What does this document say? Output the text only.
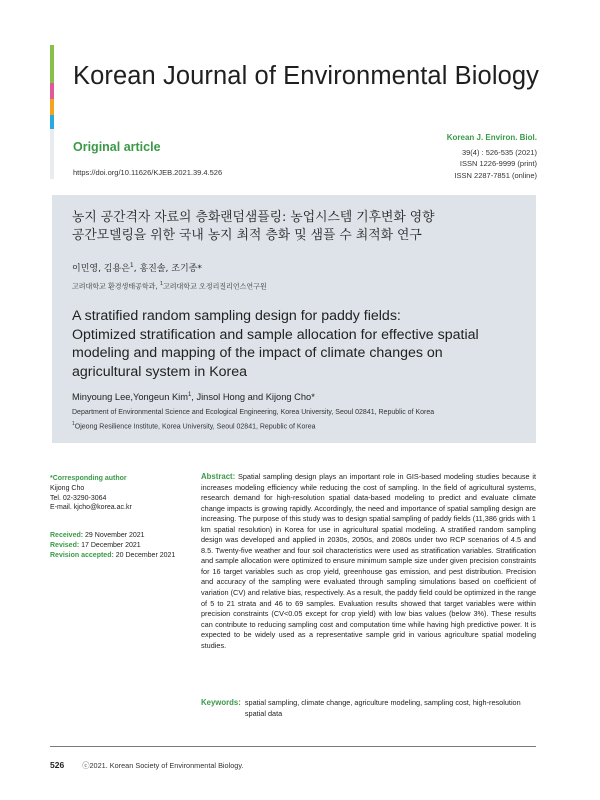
Korean Journal of Environmental Biology
Original article
https://doi.org/10.11626/KJEB.2021.39.4.526
Korean J. Environ. Biol.
39(4) : 526-535 (2021)
ISSN 1226-9999 (print)
ISSN 2287-7851 (online)
농지 공간격자 자료의 층화랜덤샘플링: 농업시스템 기후변화 영향
공간모델링을 위한 국내 농지 최적 층화 및 샘플 수 최적화 연구
이민영, 김용은$^1$, 홍진솔, 조기종*
고려대학교 환경생태공학과, $^1$고려대학교 오정리질리언스연구원
A stratified random sampling design for paddy fields:
Optimized stratification and sample allocation for effective spatial
modeling and mapping of the impact of climate changes on
agricultural system in Korea
Minyoung Lee,Yongeun Kim$^1$, Jinsol Hong and Kijong Cho*
Department of Environmental Science and Ecological Engineering, Korea University, Seoul 02841, Republic of Korea
$^1$Ojeong Resilience Institute, Korea University, Seoul 02841, Republic of Korea
*Corresponding author
Kijong Cho
Tel. 02-3290-3064
E-mail. kjcho@korea.ac.kr
Received: 29 November 2021
Revised: 17 December 2021
Revision accepted: 20 December 2021
Abstract: Spatial sampling design plays an important role in GIS-based modeling studies because it increases modeling efficiency while reducing the cost of sampling. In the field of agricultural systems, research demand for high-resolution spatial data-based modeling to predict and evaluate climate change impacts is growing rapidly. Accordingly, the need and importance of spatial sampling design are increasing. The purpose of this study was to design spatial sampling of paddy fields (11,386 grids with 1 km spatial resolution) in Korea for use in agricultural spatial modeling. A stratified random sampling design was developed and applied in 2030s, 2050s, and 2080s under two RCP scenarios of 4.5 and 8.5. Twenty-five weather and four soil characteristics were used as stratification variables. Stratification and sample allocation were optimized to ensure minimum sample size under given precision constraints for 16 target variables such as crop yield, greenhouse gas emission, and pest distribution. Precision and accuracy of the sampling were evaluated through sampling simulations based on coefficient of variation (CV) and relative bias, respectively. As a result, the paddy field could be optimized in the range of 5 to 21 strata and 46 to 69 samples. Evaluation results showed that target variables were within precision constraints (CV<0.05 except for crop yield) with low bias values (below 3%). These results can contribute to reducing sampling cost and computation time while having high predictive power. It is expected to be widely used as a representative sample grid in various agriculture spatial modeling studies.
Keywords: spatial sampling, climate change, agriculture modeling, sampling cost, high-resolution spatial data
526 ⓒ2021. Korean Society of Environmental Biology.
